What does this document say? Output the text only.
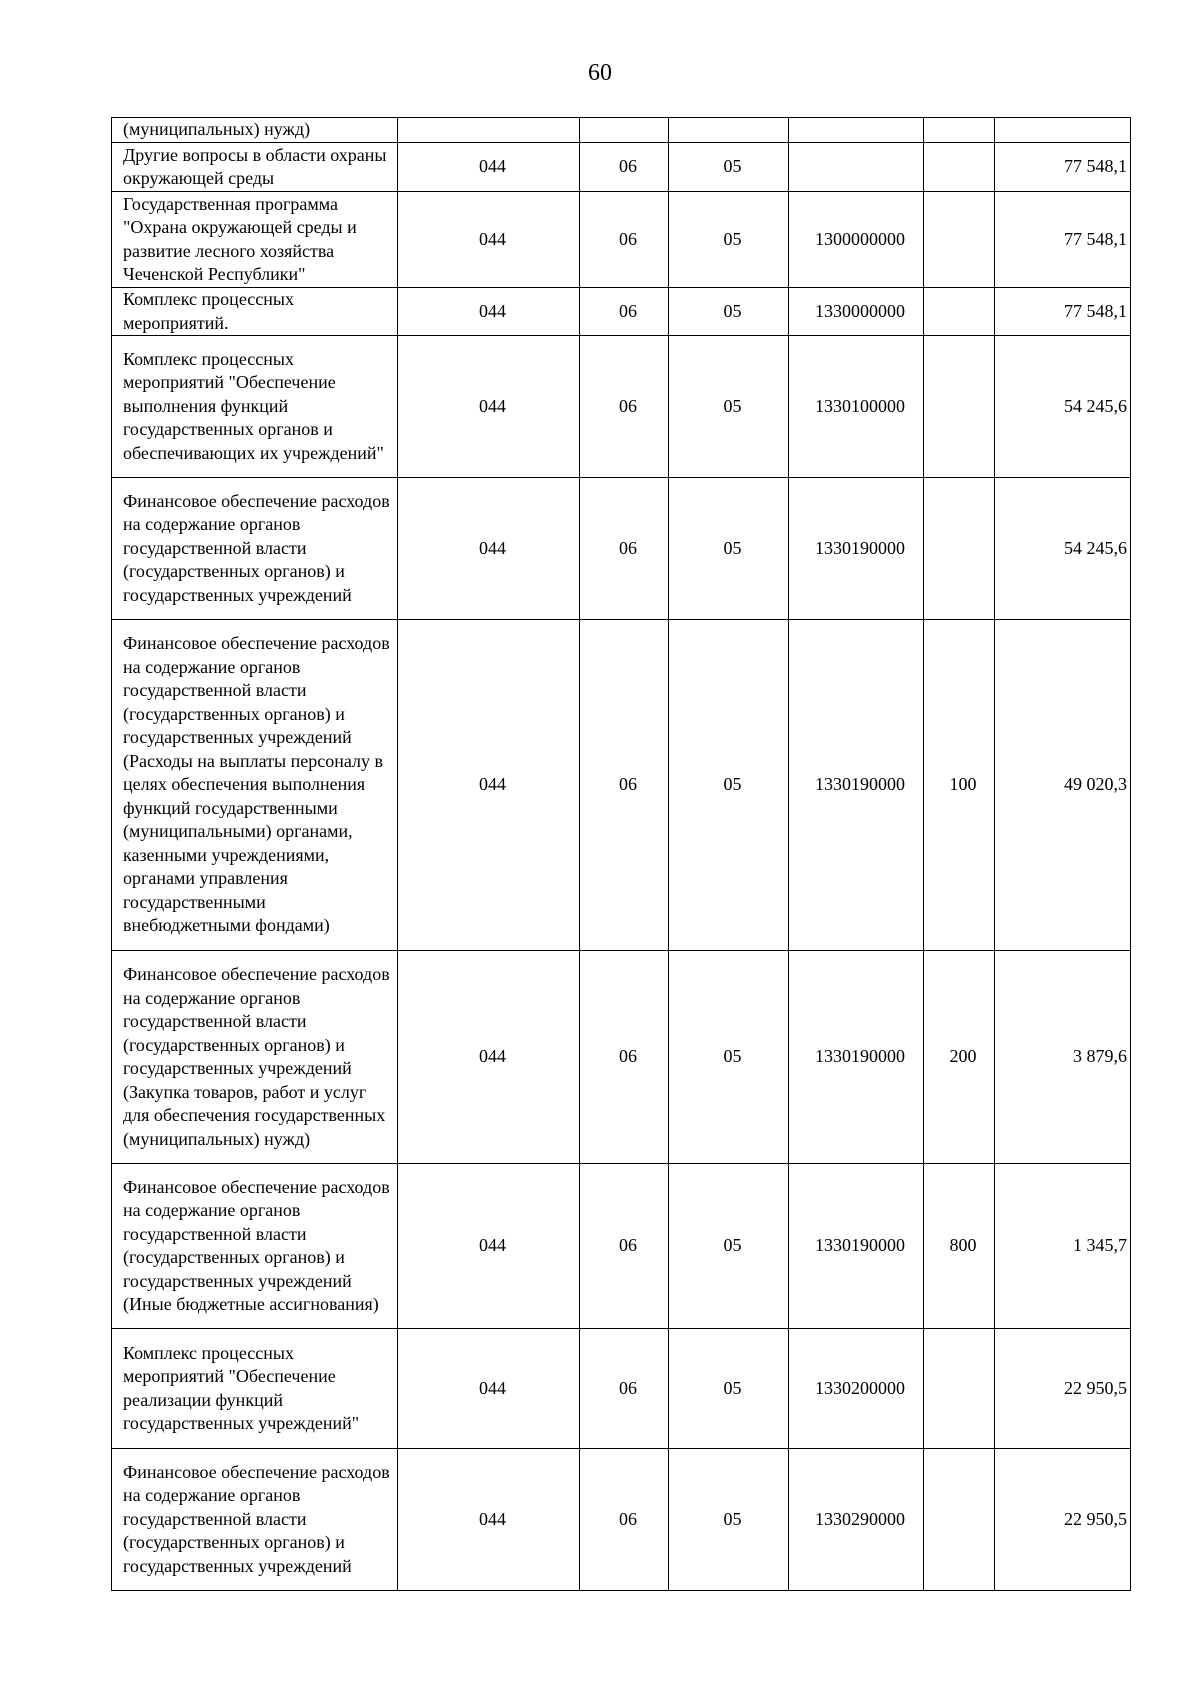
60
(муниципальных) нужд)						
Другие вопросы в области охраны окружающей среды	044	06	05			77 548,1
Государственная программа "Охрана окружающей среды и развитие лесного хозяйства Чеченской Республики"	044	06	05	1300000000		77 548,1
Комплекс процессных мероприятий.	044	06	05	1330000000		77 548,1
Комплекс процессных мероприятий "Обеспечение выполнения функций государственных органов и обеспечивающих их учреждений"	044	06	05	1330100000		54 245,6
Финансовое обеспечение расходов на содержание органов государственной власти (государственных органов) и государственных учреждений	044	06	05	1330190000		54 245,6
Финансовое обеспечение расходов на содержание органов государственной власти (государственных органов) и государственных учреждений (Расходы на выплаты персоналу в целях обеспечения выполнения функций государственными (муниципальными) органами, казенными учреждениями, органами управления государственными внебюджетными фондами)	044	06	05	1330190000	100	49 020,3
Финансовое обеспечение расходов на содержание органов государственной власти (государственных органов) и государственных учреждений (Закупка товаров, работ и услуг для обеспечения государственных (муниципальных) нужд)	044	06	05	1330190000	200	3 879,6
Финансовое обеспечение расходов на содержание органов государственной власти (государственных органов) и государственных учреждений (Иные бюджетные ассигнования)	044	06	05	1330190000	800	1 345,7
Комплекс процессных мероприятий "Обеспечение реализации функций государственных учреждений"	044	06	05	1330200000		22 950,5
Финансовое обеспечение расходов на содержание органов государственной власти (государственных органов) и государственных учреждений	044	06	05	1330290000		22 950,5
